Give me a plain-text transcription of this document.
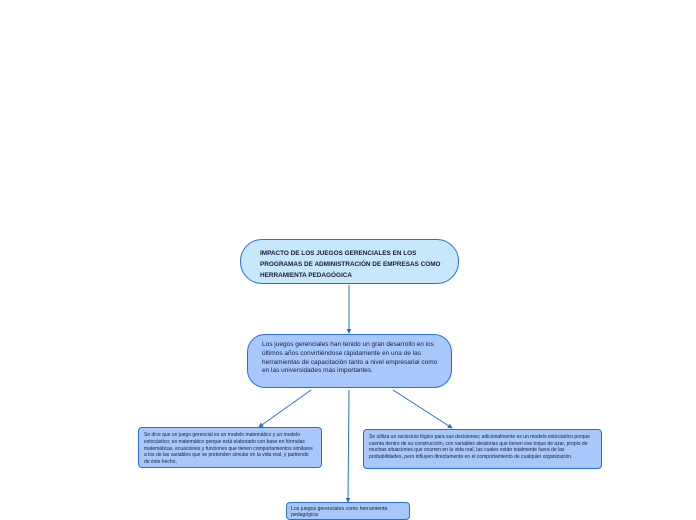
IMPACTO DE LOS JUEGOS GERENCIALES EN LOS PROGRAMAS DE ADMINISTRACIÓN DE EMPRESAS COMO HERRAMIENTA PEDAGÓGICA
Los juegos gerenciales han tenido un gran desarrollo en los últimos años convirtiéndose rápidamente en una de las herramientas de capacitación tanto a nivel empresarial como en las universidades más importantes.
Se dice que un juego gerencial es un modelo matemático y un modelo estocástico; es matemático porque está elaborado con base en fórmulas matemáticas, ecuaciones y funciones que tienen comportamientos similares a los de las variables que se pretenden simular en la vida real, y partiendo de éste hecho,
Se utiliza un raciocinio lógico para sus decisiones; adicionalmente es un modelo estocástico porque cuenta dentro de su construcción, con variables aleatorias que tienen ese toque de azar, propio de muchas situaciones que ocurren en la vida real, las cuales están totalmente fuera de las probabilidades, pero influyen directamente en el comportamiento de cualquier organización.
Los juegos gerenciales como herramienta pedagógica
